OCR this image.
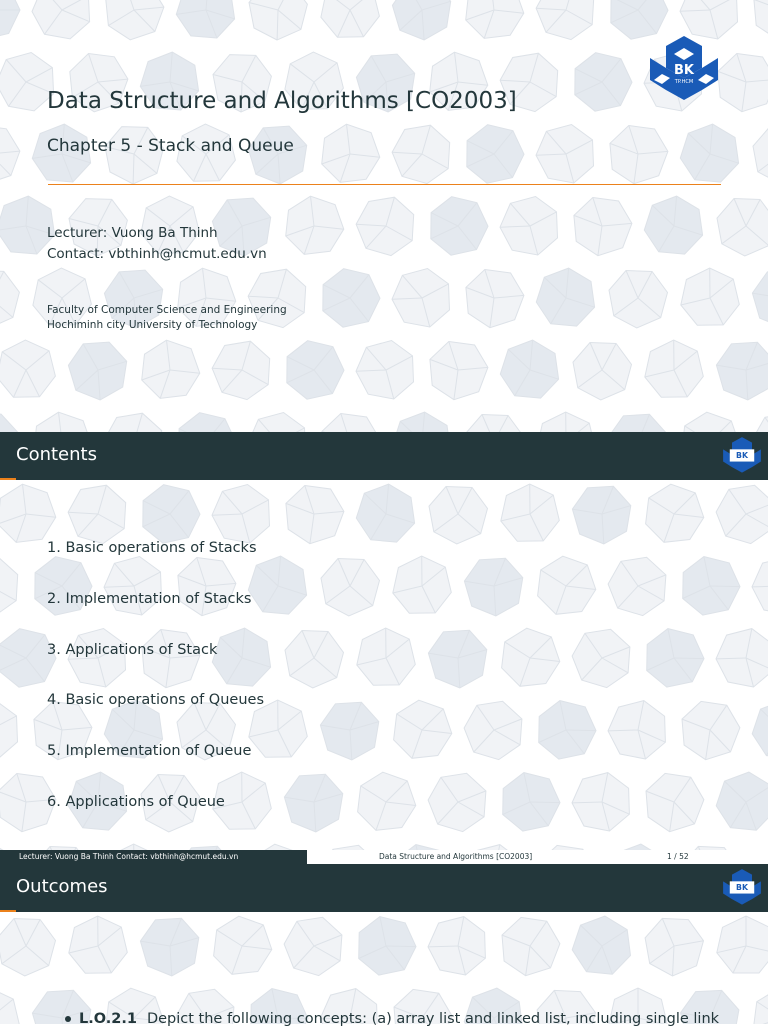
Data Structure and Algorithms [CO2003]
Chapter 5 - Stack and Queue
Lecturer: Vuong Ba Thinh
Contact: vbthinh@hcmut.edu.vn
Faculty of Computer Science and Engineering
Hochiminh city University of Technology
BK
TP.HCM
Contents	BK
1. Basic operations of Stacks
2. Implementation of Stacks
3. Applications of Stack
4. Basic operations of Queues
5. Implementation of Queue
6. Applications of Queue
Lecturer: Vuong Ba Thinh Contact: vbthinh@hcmut.edu.vn	Data Structure and Algorithms [CO2003]	1 / 52
Outcomes	BK
L.O.2.1 Depict the following concepts: (a) array list and linked list, including single link
